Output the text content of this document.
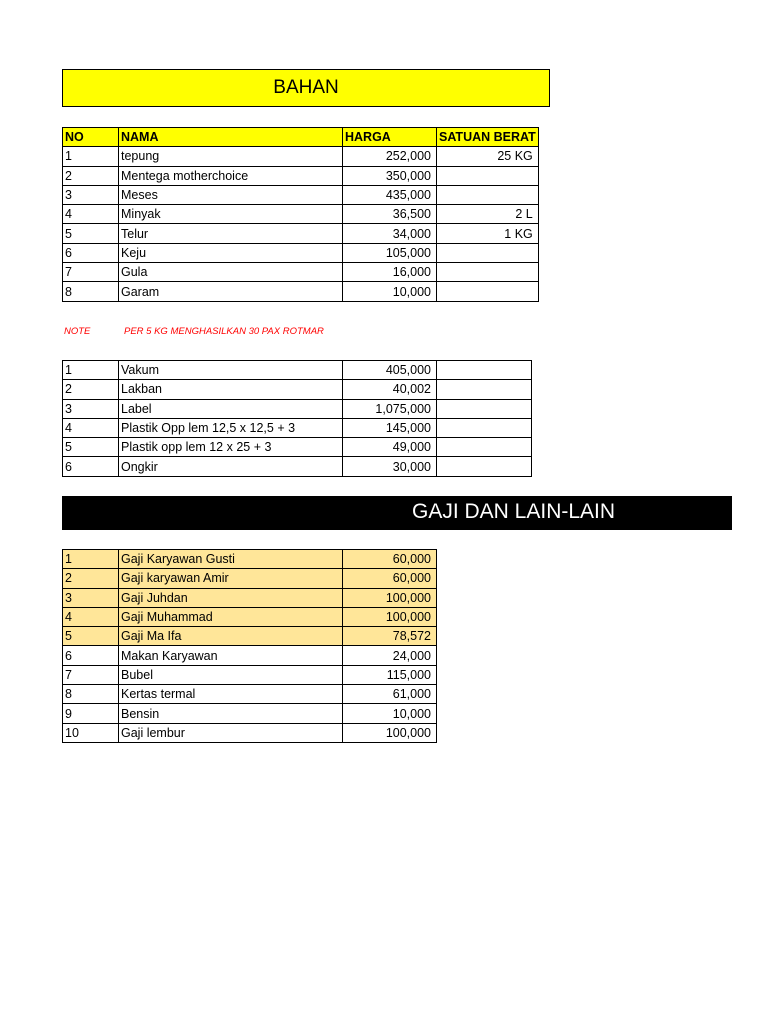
BAHAN
NO	NAMA	HARGA	SATUAN BERAT
1	tepung	252,000	25 KG
2	Mentega motherchoice	350,000	
3	Meses	435,000	
4	Minyak	36,500	2 L
5	Telur	34,000	1 KG
6	Keju	105,000	
7	Gula	16,000	
8	Garam	10,000	
NOTE	PER 5 KG MENGHASILKAN 30 PAX ROTMAR
1	Vakum	405,000	
2	Lakban	40,002	
3	Label	1,075,000	
4	Plastik Opp lem 12,5 x 12,5 + 3	145,000	
5	Plastik opp lem 12 x 25 + 3	49,000	
6	Ongkir	30,000	
GAJI DAN LAIN-LAIN
1	Gaji Karyawan Gusti	60,000
2	Gaji karyawan Amir	60,000
3	Gaji Juhdan	100,000
4	Gaji Muhammad	100,000
5	Gaji Ma Ifa	78,572
6	Makan Karyawan	24,000
7	Bubel	115,000
8	Kertas termal	61,000
9	Bensin	10,000
10	Gaji lembur	100,000
